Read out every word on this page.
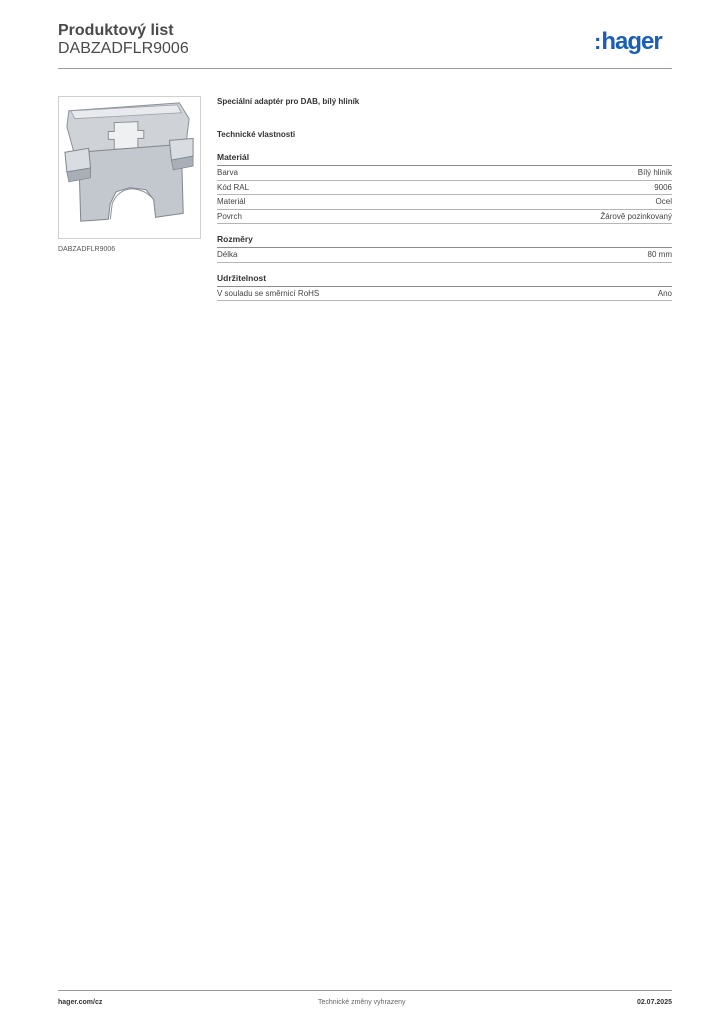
Produktový list
DABZADFLR9006	:hager
DABZADFLR9006
Speciální adaptér pro DAB, bílý hliník
Technické vlastnosti
Materiál
Barva	Bílý hliník
Kód RAL	9006
Materiál	Ocel
Povrch	Žárově pozinkovaný
Rozměry
Délka	80 mm
Udržitelnost
V souladu se směrnicí RoHS	Ano
hager.com/cz	Technické změny vyhrazeny	02.07.2025
